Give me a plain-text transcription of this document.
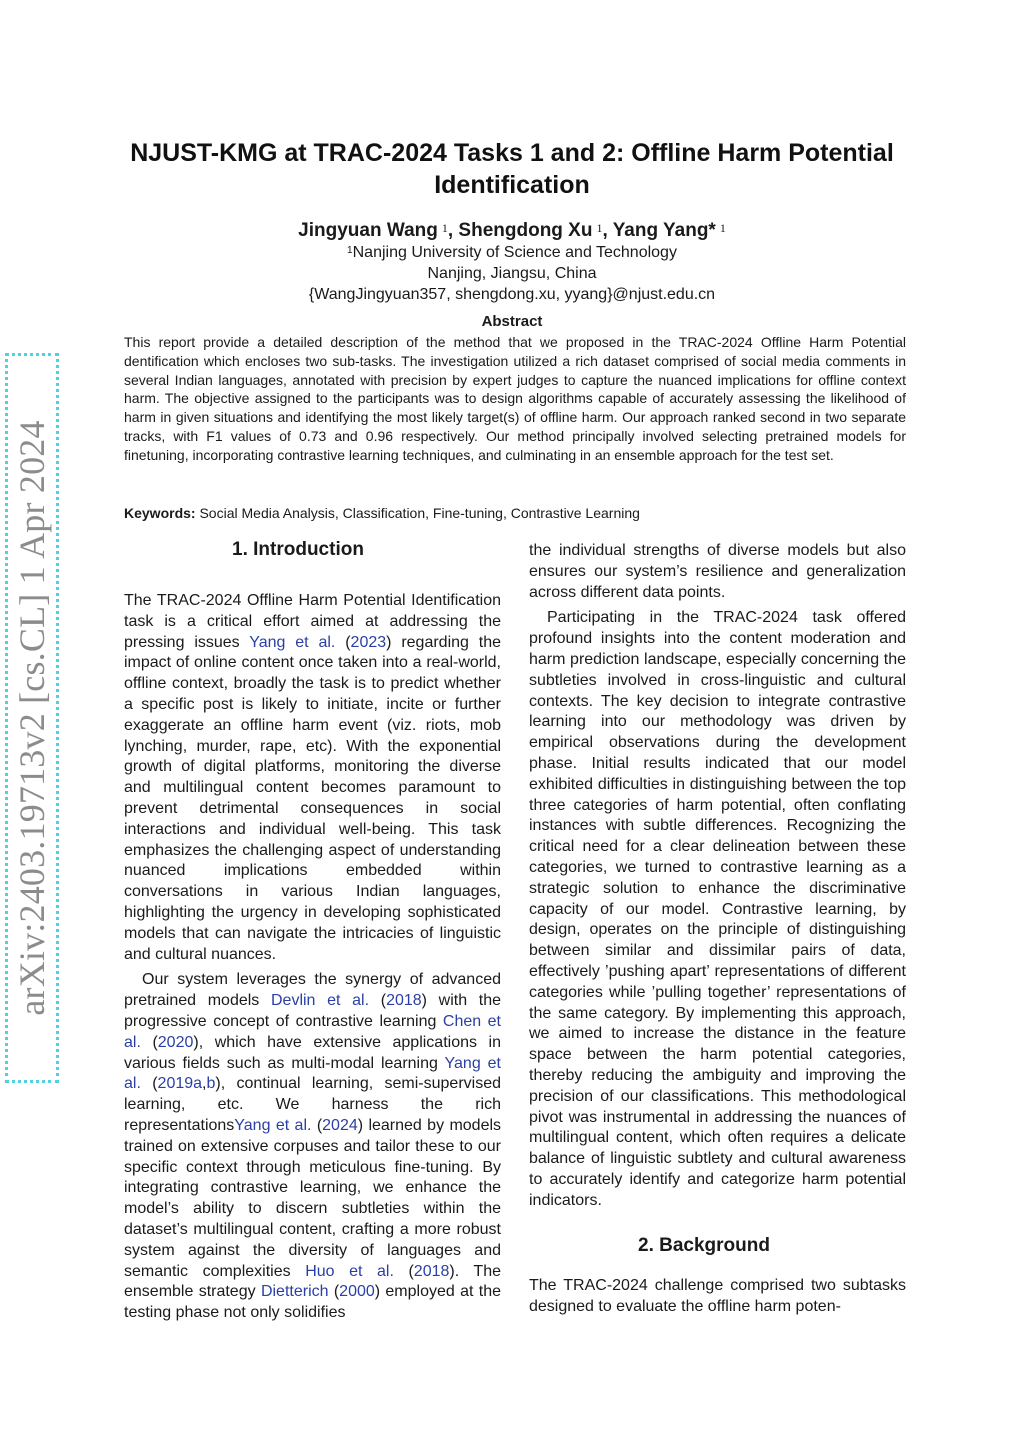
arXiv:2403.19713v2 [cs.CL] 1 Apr 2024
NJUST-KMG at TRAC-2024 Tasks 1 and 2: Offline Harm Potential Identification
Jingyuan Wang $^1$, Shengdong Xu $^1$, Yang Yang* $^1$
$^1$Nanjing University of Science and Technology
Nanjing, Jiangsu, China
{WangJingyuan357, shengdong.xu, yyang}@njust.edu.cn
Abstract
This report provide a detailed description of the method that we proposed in the TRAC-2024 Offline Harm Potential dentification which encloses two sub-tasks. The investigation utilized a rich dataset comprised of social media comments in several Indian languages, annotated with precision by expert judges to capture the nuanced implications for offline context harm. The objective assigned to the participants was to design algorithms capable of accurately assessing the likelihood of harm in given situations and identifying the most likely target(s) of offline harm. Our approach ranked second in two separate tracks, with F1 values of 0.73 and 0.96 respectively. Our method principally involved selecting pretrained models for finetuning, incorporating contrastive learning techniques, and culminating in an ensemble approach for the test set.
Keywords: Social Media Analysis, Classification, Fine-tuning, Contrastive Learning
1. Introduction

The TRAC-2024 Offline Harm Potential Identification task is a critical effort aimed at addressing the pressing issues Yang et al. (2023) regarding the impact of online content once taken into a real-world, offline context, broadly the task is to predict whether a specific post is likely to initiate, incite or further exaggerate an offline harm event (viz. riots, mob lynching, murder, rape, etc). With the exponential growth of digital platforms, monitoring the diverse and multilingual content becomes paramount to prevent detrimental consequences in social interactions and individual well-being. This task emphasizes the challenging aspect of understanding nuanced implications embedded within conversations in various Indian languages, highlighting the urgency in developing sophisticated models that can navigate the intricacies of linguistic and cultural nuances.

Our system leverages the synergy of advanced pretrained models Devlin et al. (2018) with the progressive concept of contrastive learning Chen et al. (2020), which have extensive applications in various fields such as multi-modal learning Yang et al. (2019a,b), continual learning, semi-supervised learning, etc. We harness the rich representationsYang et al. (2024) learned by models trained on extensive corpuses and tailor these to our specific context through meticulous fine-tuning. By integrating contrastive learning, we enhance the model’s ability to discern subtleties within the dataset’s multilingual content, crafting a more robust system against the diversity of languages and semantic complexities Huo et al. (2018). The ensemble strategy Dietterich (2000) employed at the testing phase not only solidifies

the individual strengths of diverse models but also ensures our system’s resilience and generalization across different data points.

Participating in the TRAC-2024 task offered profound insights into the content moderation and harm prediction landscape, especially concerning the subtleties involved in cross-linguistic and cultural contexts. The key decision to integrate contrastive learning into our methodology was driven by empirical observations during the development phase. Initial results indicated that our model exhibited difficulties in distinguishing between the top three categories of harm potential, often conflating instances with subtle differences. Recognizing the critical need for a clear delineation between these categories, we turned to contrastive learning as a strategic solution to enhance the discriminative capacity of our model. Contrastive learning, by design, operates on the principle of distinguishing between similar and dissimilar pairs of data, effectively ’pushing apart’ representations of different categories while ’pulling together’ representations of the same category. By implementing this approach, we aimed to increase the distance in the feature space between the harm potential categories, thereby reducing the ambiguity and improving the precision of our classifications. This methodological pivot was instrumental in addressing the nuances of multilingual content, which often requires a delicate balance of linguistic subtlety and cultural awareness to accurately identify and categorize harm potential indicators.

2. Background

The TRAC-2024 challenge comprised two subtasks designed to evaluate the offline harm poten-
